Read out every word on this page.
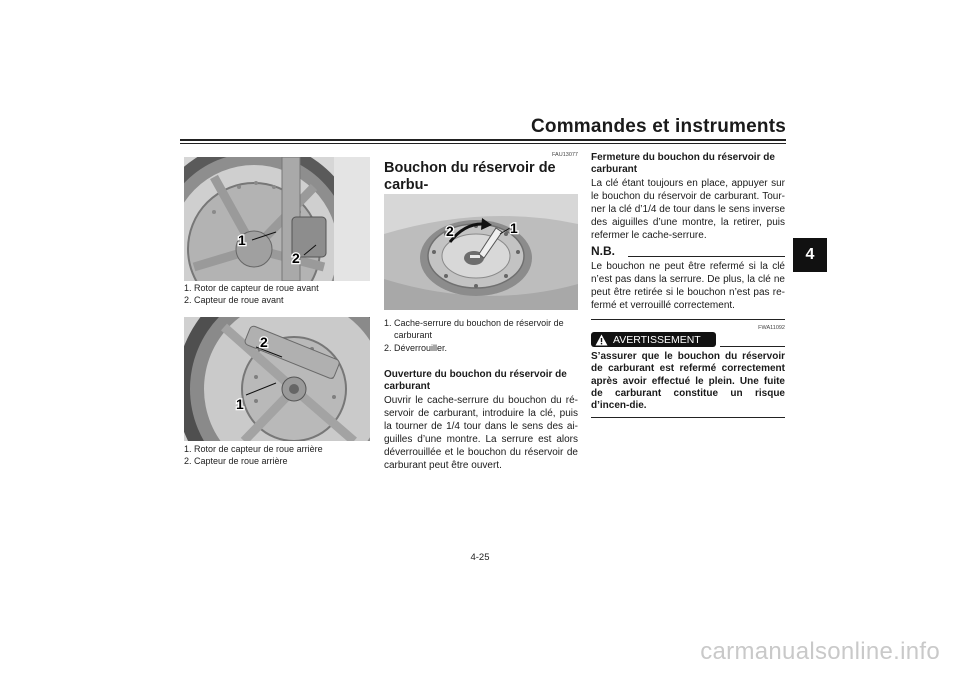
Commandes et instruments
4
1
2
1. Rotor de capteur de roue avant
2. Capteur de roue avant
2
1
1. Rotor de capteur de roue arrière
2. Capteur de roue arrière
FAU13077
Bouchon du réservoir de carbu-

2	1
1. Cache-serrure du bouchon de réservoir de carburant
2. Déverrouiller.
Ouverture du bouchon du réservoir de carburant
Ouvrir le cache-serrure du bouchon du ré-servoir de carburant, introduire la clé, puis la tourner de 1/4 tour dans le sens des ai-guilles d’une montre. La serrure est alors déverrouillée et le bouchon du réservoir de carburant peut être ouvert.
Fermeture du bouchon du réservoir de carburant
La clé étant toujours en place, appuyer sur le bouchon du réservoir de carburant. Tour-ner la clé d’1/4 de tour dans le sens inverse des aiguilles d’une montre, la retirer, puis refermer le cache-serrure.
N.B.
Le bouchon ne peut être refermé si la clé n’est pas dans la serrure. De plus, la clé ne peut être retirée si le bouchon n’est pas re-fermé et verrouillé correctement.
FWA11092
AVERTISSEMENT
S’assurer que le bouchon du réservoir de carburant est refermé correctement après avoir effectué le plein. Une fuite de carburant constitue un risque d’incen-die.
4-25
carmanualsonline.info
